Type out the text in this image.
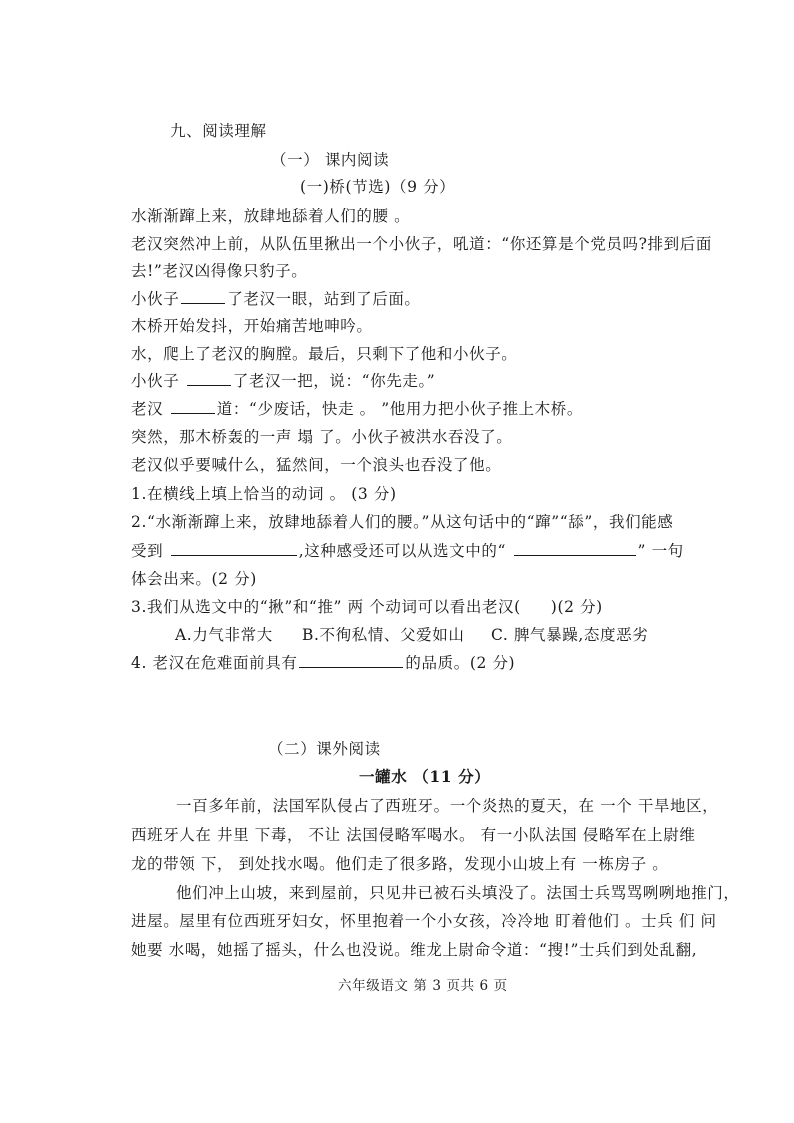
九、阅读理解
（一） 课内阅读
(一)桥(节选)（9 分）
水渐渐蹿上来，放肆地舔着人们的腰 。
老汉突然冲上前，从队伍里揪出一个小伙子，吼道：“你还算是个党员吗?排到后面
去!”老汉凶得像只豹子。
小伙子	了老汉一眼，站到了后面。
木桥开始发抖，开始痛苦地呻吟。
水，爬上了老汉的胸膛。最后，只剩下了他和小伙子。
小伙子	了老汉一把，说：“你先走。”
老汉	道：“少废话，快走 。 ”他用力把小伙子推上木桥。
突然，那木桥轰的一声 塌 了。小伙子被洪水吞没了。
老汉似乎要喊什么，猛然间，一个浪头也吞没了他。
1.在横线上填上恰当的动词 。 (3 分)
2.“水渐渐蹿上来，放肆地舔着人们的腰。”从这句话中的“蹿”“舔”，我们能感
受到	,这种感受还可以从选文中的“	” 一句
体会出来。(2 分)
3.我们从选文中的“揪”和“推” 两 个动词可以看出老汉( )(2 分)
A.力气非常大 B.不徇私情、父爱如山 C. 脾气暴躁,态度恶劣
4. 老汉在危难面前具有	的品质。(2 分)
（二）课外阅读
一罐水 （11 分）
一百多年前，法国军队侵占了西班牙。一个炎热的夏天，在 一个 干旱地区，
西班牙人在 井里 下毒， 不让 法国侵略军喝水。 有一小队法国 侵略军在上尉维
龙的带领 下， 到处找水喝。他们走了很多路，发现小山坡上有 一栋房子 。
他们冲上山坡，来到屋前，只见井已被石头填没了。法国士兵骂骂咧咧地推门，
进屋。屋里有位西班牙妇女，怀里抱着一个小女孩，冷冷地 盯着他们 。士兵 们 问
她要 水喝，她摇了摇头，什么也没说。维龙上尉命令道：“搜!”士兵们到处乱翻,
六年级语文 第 3 页共 6 页
